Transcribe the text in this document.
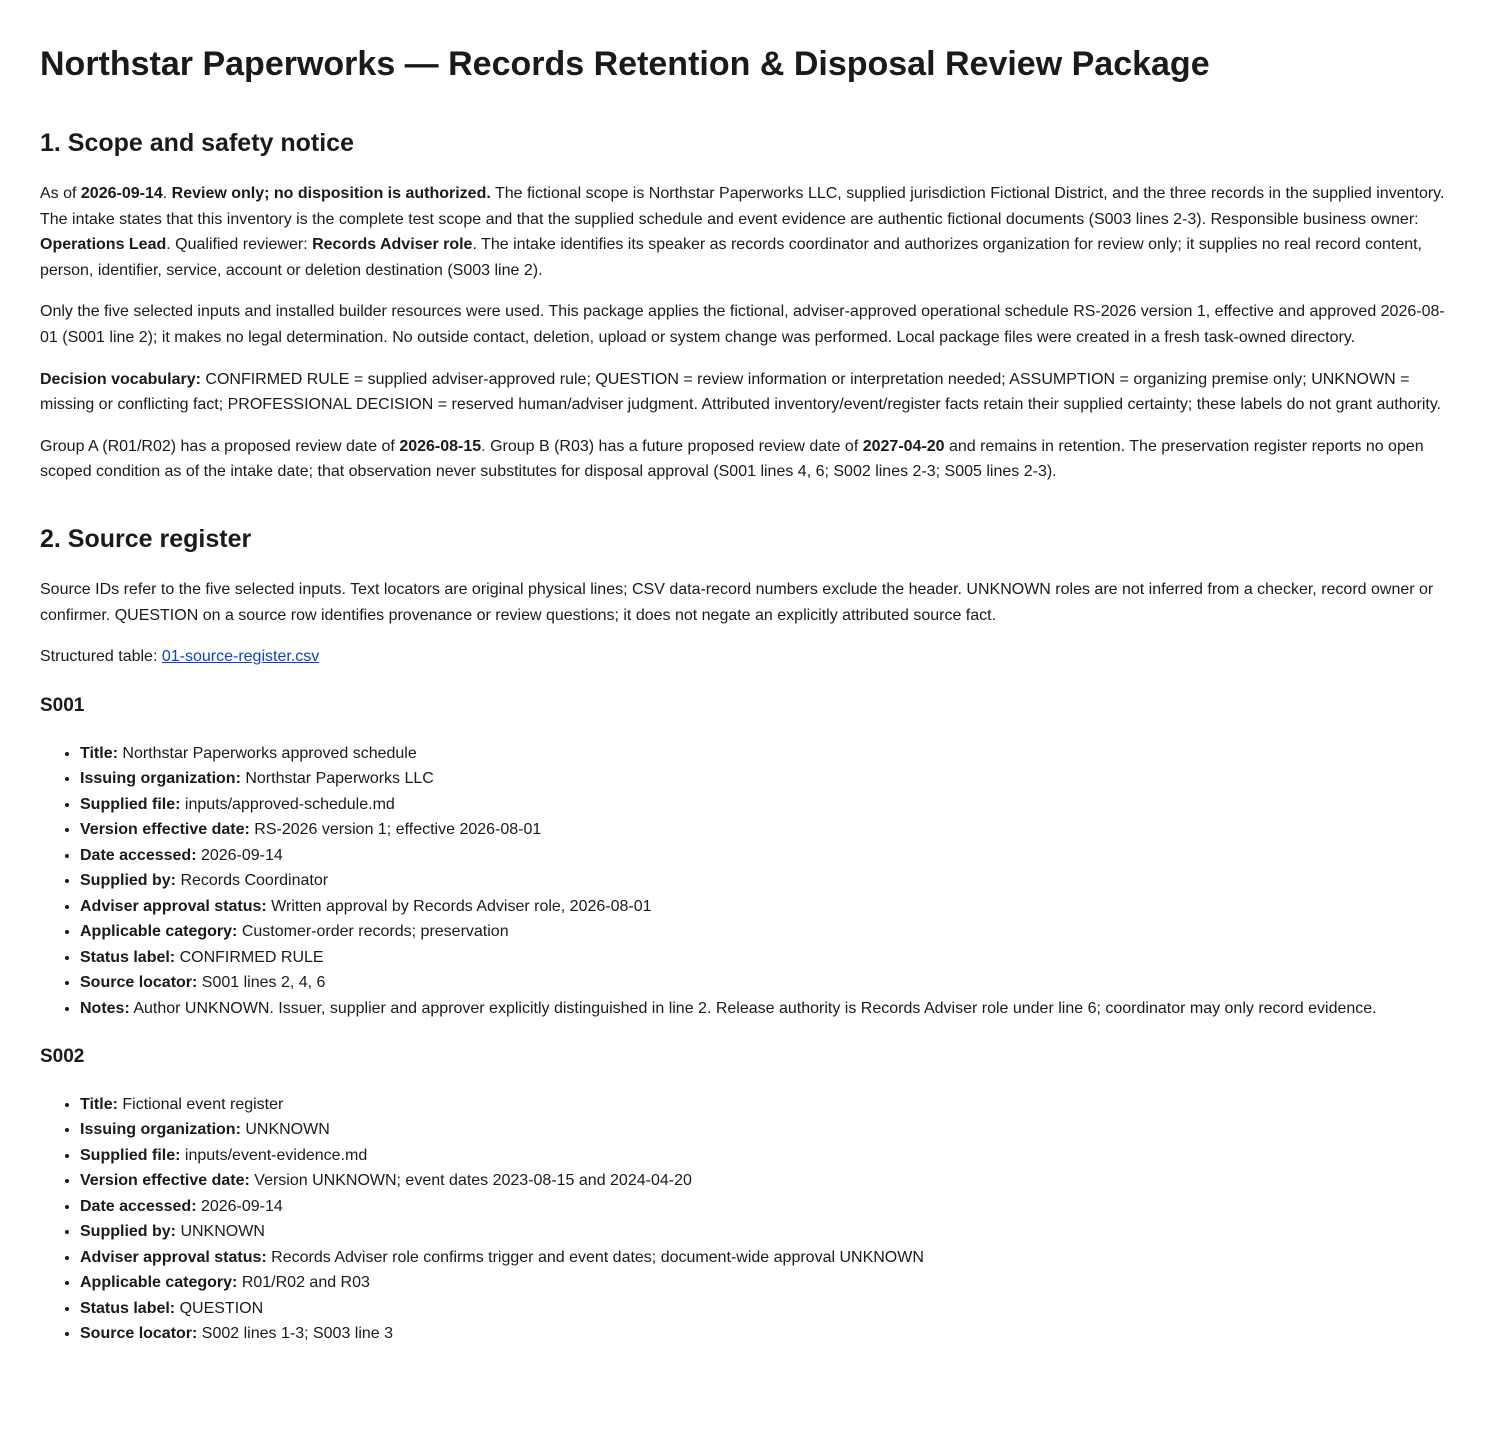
Northstar Paperworks — Records Retention & Disposal Review Package
1. Scope and safety notice

As of 2026-09-14. Review only; no disposition is authorized. The fictional scope is Northstar Paperworks LLC, supplied jurisdiction Fictional District, and the three records in the supplied inventory. The intake states that this inventory is the complete test scope and that the supplied schedule and event evidence are authentic fictional documents (S003 lines 2-3). Responsible business owner: Operations Lead. Qualified reviewer: Records Adviser role. The intake identifies its speaker as records coordinator and authorizes organization for review only; it supplies no real record content, person, identifier, service, account or deletion destination (S003 line 2).

Only the five selected inputs and installed builder resources were used. This package applies the fictional, adviser-approved operational schedule RS-2026 version 1, effective and approved 2026-08-01 (S001 line 2); it makes no legal determination. No outside contact, deletion, upload or system change was performed. Local package files were created in a fresh task-owned directory.

Decision vocabulary: CONFIRMED RULE = supplied adviser-approved rule; QUESTION = review information or interpretation needed; ASSUMPTION = organizing premise only; UNKNOWN = missing or conflicting fact; PROFESSIONAL DECISION = reserved human/adviser judgment. Attributed inventory/event/register facts retain their supplied certainty; these labels do not grant authority.

Group A (R01/R02) has a proposed review date of 2026-08-15. Group B (R03) has a future proposed review date of 2027-04-20 and remains in retention. The preservation register reports no open scoped condition as of the intake date; that observation never substitutes for disposal approval (S001 lines 4, 6; S002 lines 2-3; S005 lines 2-3).

2. Source register

Source IDs refer to the five selected inputs. Text locators are original physical lines; CSV data-record numbers exclude the header. UNKNOWN roles are not inferred from a checker, record owner or confirmer. QUESTION on a source row identifies provenance or review questions; it does not negate an explicitly attributed source fact.

Structured table: 01-source-register.csv

S001
• Title: Northstar Paperworks approved schedule
• Issuing organization: Northstar Paperworks LLC
• Supplied file: inputs/approved-schedule.md
• Version effective date: RS-2026 version 1; effective 2026-08-01
• Date accessed: 2026-09-14
• Supplied by: Records Coordinator
• Adviser approval status: Written approval by Records Adviser role, 2026-08-01
• Applicable category: Customer-order records; preservation
• Status label: CONFIRMED RULE
• Source locator: S001 lines 2, 4, 6
• Notes: Author UNKNOWN. Issuer, supplier and approver explicitly distinguished in line 2. Release authority is Records Adviser role under line 6; coordinator may only record evidence.
S002
• Title: Fictional event register
• Issuing organization: UNKNOWN
• Supplied file: inputs/event-evidence.md
• Version effective date: Version UNKNOWN; event dates 2023-08-15 and 2024-04-20
• Date accessed: 2026-09-14
• Supplied by: UNKNOWN
• Adviser approval status: Records Adviser role confirms trigger and event dates; document-wide approval UNKNOWN
• Applicable category: R01/R02 and R03
• Status label: QUESTION
• Source locator: S002 lines 1-3; S003 line 3
